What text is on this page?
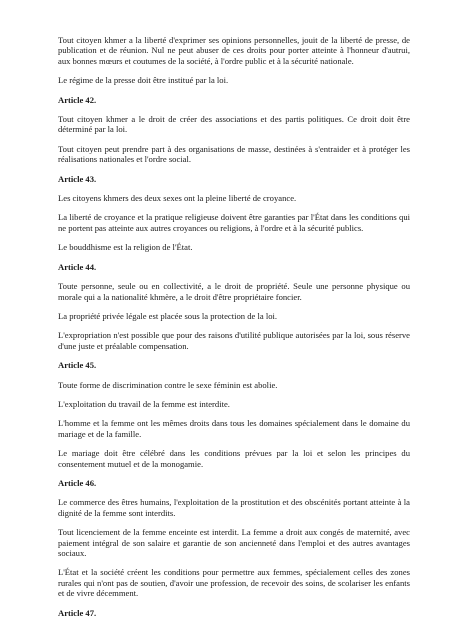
Tout citoyen khmer a la liberté d'exprimer ses opinions personnelles, jouit de la liberté de presse, de publication et de réunion. Nul ne peut abuser de ces droits pour porter atteinte à l'honneur d'autrui, aux bonnes mœurs et coutumes de la société, à l'ordre public et à la sécurité nationale.

Le régime de la presse doit être institué par la loi.

Article 42.

Tout citoyen khmer a le droit de créer des associations et des partis politiques. Ce droit doit être déterminé par la loi.

Tout citoyen peut prendre part à des organisations de masse, destinées à s'entraider et à protéger les réalisations nationales et l'ordre social.

Article 43.

Les citoyens khmers des deux sexes ont la pleine liberté de croyance.

La liberté de croyance et la pratique religieuse doivent être garanties par l'État dans les conditions qui ne portent pas atteinte aux autres croyances ou religions, à l'ordre et à la sécurité publics.

Le bouddhisme est la religion de l'État.

Article 44.

Toute personne, seule ou en collectivité, a le droit de propriété. Seule une personne physique ou morale qui a la nationalité khmère, a le droit d'être propriétaire foncier.

La propriété privée légale est placée sous la protection de la loi.

L'expropriation n'est possible que pour des raisons d'utilité publique autorisées par la loi, sous réserve d'une juste et préalable compensation.

Article 45.

Toute forme de discrimination contre le sexe féminin est abolie.

L'exploitation du travail de la femme est interdite.

L'homme et la femme ont les mêmes droits dans tous les domaines spécialement dans le domaine du mariage et de la famille.

Le mariage doit être célébré dans les conditions prévues par la loi et selon les principes du consentement mutuel et de la monogamie.

Article 46.

Le commerce des êtres humains, l'exploitation de la prostitution et des obscénités portant atteinte à la dignité de la femme sont interdits.

Tout licenciement de la femme enceinte est interdit. La femme a droit aux congés de maternité, avec paiement intégral de son salaire et garantie de son ancienneté dans l'emploi et des autres avantages sociaux.

L'État et la société créent les conditions pour permettre aux femmes, spécialement celles des zones rurales qui n'ont pas de soutien, d'avoir une profession, de recevoir des soins, de scolariser les enfants et de vivre décemment.

Article 47.
